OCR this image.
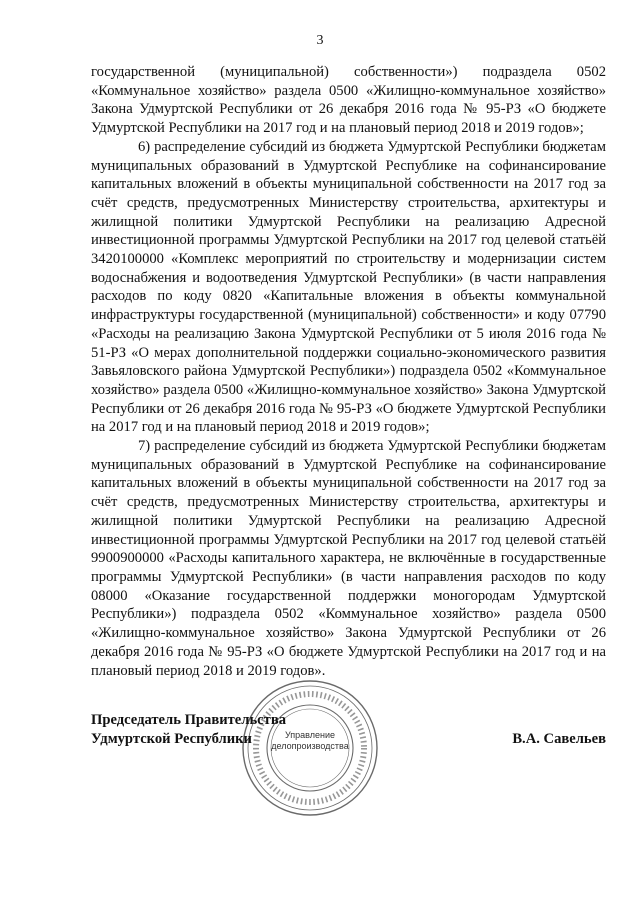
3

государственной (муниципальной) собственности») подраздела 0502 «Коммунальное хозяйство» раздела 0500 «Жилищно-коммунальное хозяйство» Закона Удмуртской Республики от 26 декабря 2016 года № 95-РЗ «О бюджете Удмуртской Республики на 2017 год и на плановый период 2018 и 2019 годов»;

6) распределение субсидий из бюджета Удмуртской Республики бюджетам муниципальных образований в Удмуртской Республике на софинансирование капитальных вложений в объекты муниципальной собственности на 2017 год за счёт средств, предусмотренных Министерству строительства, архитектуры и жилищной политики Удмуртской Республики на реализацию Адресной инвестиционной программы Удмуртской Республики на 2017 год целевой статьёй 3420100000 «Комплекс мероприятий по строительству и модернизации систем водоснабжения и водоотведения Удмуртской Республики» (в части направления расходов по коду 0820 «Капитальные вложения в объекты коммунальной инфраструктуры государственной (муниципальной) собственности» и коду 07790 «Расходы на реализацию Закона Удмуртской Республики от 5 июля 2016 года № 51-РЗ «О мерах дополнительной поддержки социально-экономического развития Завьяловского района Удмуртской Республики») подраздела 0502 «Коммунальное хозяйство» раздела 0500 «Жилищно-коммунальное хозяйство» Закона Удмуртской Республики от 26 декабря 2016 года № 95-РЗ «О бюджете Удмуртской Республики на 2017 год и на плановый период 2018 и 2019 годов»;

7) распределение субсидий из бюджета Удмуртской Республики бюджетам муниципальных образований в Удмуртской Республике на софинансирование капитальных вложений в объекты муниципальной собственности на 2017 год за счёт средств, предусмотренных Министерству строительства, архитектуры и жилищной политики Удмуртской Республики на реализацию Адресной инвестиционной программы Удмуртской Республики на 2017 год целевой статьёй 9900900000 «Расходы капитального характера, не включённые в государственные программы Удмуртской Республики» (в части направления расходов по коду 08000 «Оказание государственной поддержки моногородам Удмуртской Республики») подраздела 0502 «Коммунальное хозяйство» раздела 0500 «Жилищно-коммунальное хозяйство» Закона Удмуртской Республики от 26 декабря 2016 года № 95-РЗ «О бюджете Удмуртской Республики на 2017 год и на плановый период 2018 и 2019 годов».

Управление
делопроизводства
Председатель Правительства
Удмуртской Республики	В.А. Савельев
